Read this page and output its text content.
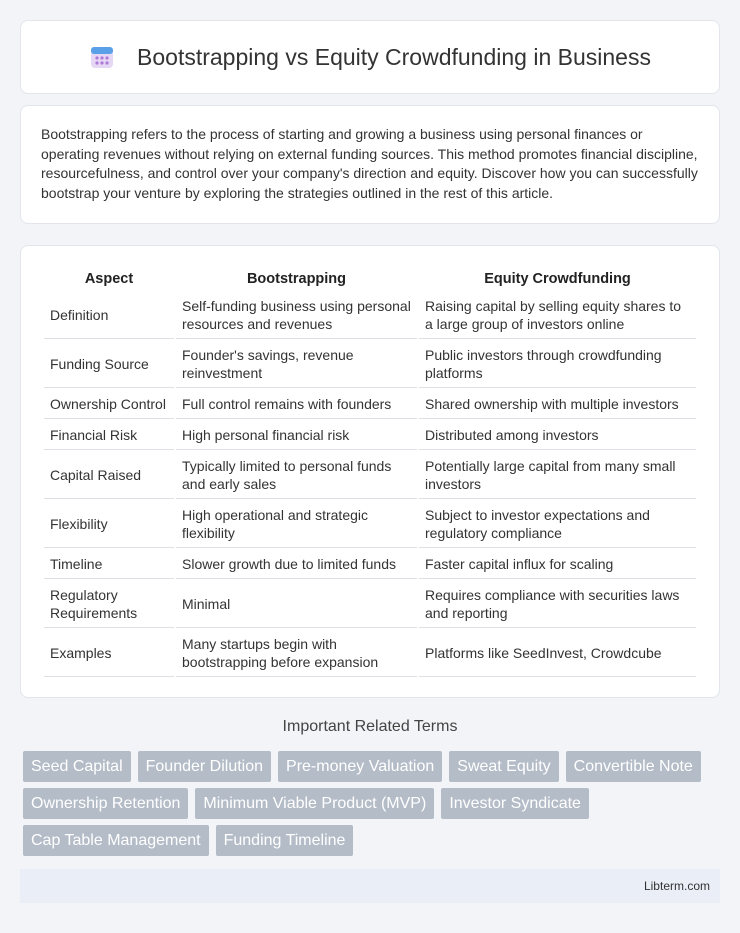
Bootstrapping vs Equity Crowdfunding in Business
Bootstrapping refers to the process of starting and growing a business using personal finances or operating revenues without relying on external funding sources. This method promotes financial discipline, resourcefulness, and control over your company's direction and equity. Discover how you can successfully bootstrap your venture by exploring the strategies outlined in the rest of this article.
Aspect	Bootstrapping	Equity Crowdfunding
Definition	Self-funding business using personal resources and revenues	Raising capital by selling equity shares to a large group of investors online
Funding Source	Founder's savings, revenue reinvestment	Public investors through crowdfunding platforms
Ownership Control	Full control remains with founders	Shared ownership with multiple investors
Financial Risk	High personal financial risk	Distributed among investors
Capital Raised	Typically limited to personal funds and early sales	Potentially large capital from many small investors
Flexibility	High operational and strategic flexibility	Subject to investor expectations and regulatory compliance
Timeline	Slower growth due to limited funds	Faster capital influx for scaling
Regulatory Requirements	Minimal	Requires compliance with securities laws and reporting
Examples	Many startups begin with bootstrapping before expansion	Platforms like SeedInvest, Crowdcube
Important Related Terms
Seed Capital	Founder Dilution	Pre-money Valuation	Sweat Equity	Convertible Note
Ownership Retention	Minimum Viable Product (MVP)	Investor Syndicate
Cap Table Management	Funding Timeline
Libterm.com
